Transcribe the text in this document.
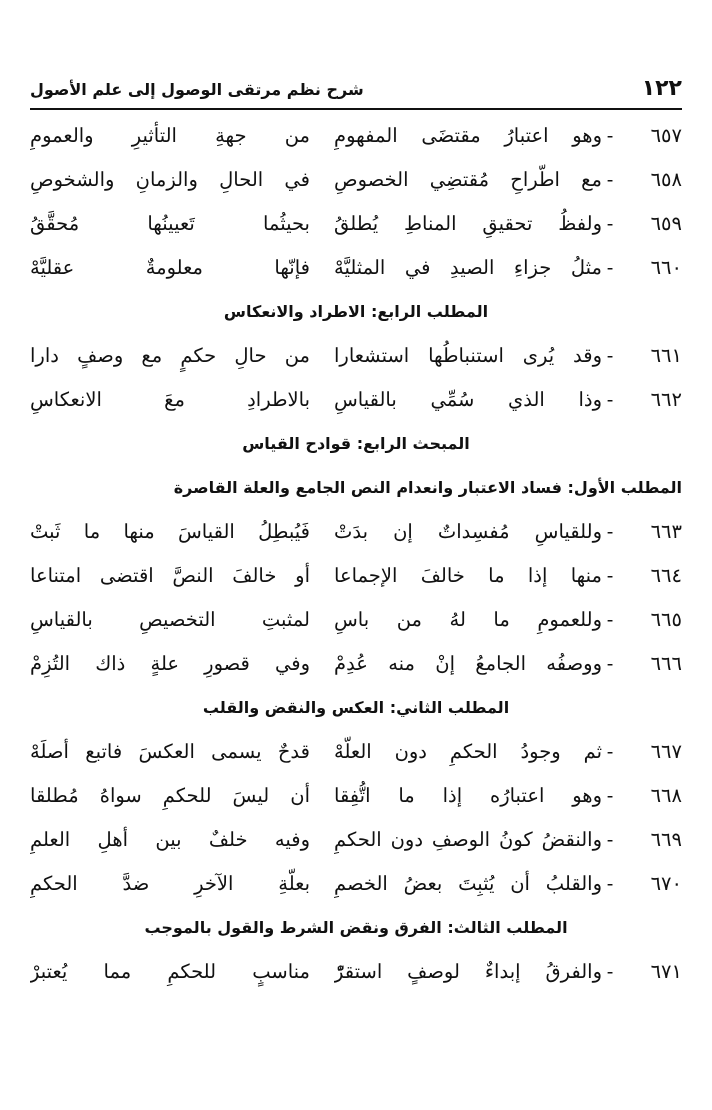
١٢٢
شرح نظم مرتقى الوصول إلى علم الأصول
٦٥٧
-
وهو اعتبارُ مقتضَى المفهومِ
من جهةِ التأثيرِ والعمومِ
٦٥٨
-
مع اطّراحِ مُقتضِي الخصوصِ
في الحالِ والزمانِ والشخوصِ
٦٥٩
-
ولفظُ تحقيقِ المناطِ يُطلقُ
بحيثُما تَعيينُها مُحقَّقُ
٦٦٠
-
مثلُ جزاءِ الصيدِ في المثليَّهْ
فإنّها معلومةٌ عقليَّهْ
المطلب الرابع: الاطراد والانعكاس
٦٦١
-
وقد يُرى استنباطُها استشعارا
من حالِ حكمٍ مع وصفٍ دارا
٦٦٢
-
وذا الذي سُمِّي بالقياسِ
بالاطرادِ معَ الانعكاسِ
المبحث الرابع: قوادح القياس
المطلب الأول: فساد الاعتبار وانعدام النص الجامع والعلة القاصرة
٦٦٣
-
وللقياسِ مُفسِداتٌ إن بدَتْ
فَيُبطِلُ القياسَ منها ما ثَبتْ
٦٦٤
-
منها إذا ما خالفَ الإجماعا
أو خالفَ النصَّ اقتضى امتناعا
٦٦٥
-
وللعمومِ ما لهُ من باسِ
لمثبتِ التخصيصِ بالقياسِ
٦٦٦
-
ووصفُه الجامعُ إنْ منه عُدِمْ
وفي قصورِ علةٍ ذاك التُزِمْ
المطلب الثاني: العكس والنقض والقلب
٦٦٧
-
ثم وجودُ الحكمِ دون العلّهْ
قدحٌ يسمى العكسَ فاتبع أصلَهْ
٦٦٨
-
وهو اعتبارُه إذا ما اتُّفِقا
أن ليسَ للحكمِ سواهُ مُطلقا
٦٦٩
-
والنقضُ كونُ الوصفِ دون الحكمِ
وفيه خلفٌ بين أهلِ العلمِ
٦٧٠
-
والقلبُ أن يُثبِتَ بعضُ الخصمِ
بعلّةِ الآخرِ ضدَّ الحكمِ
المطلب الثالث: الفرق ونقض الشرط والقول بالموجب
٦٧١
-
والفرقُ إبداءٌ لوصفٍ استقرّْ
مناسبٍ للحكمِ مما يُعتبرْ
